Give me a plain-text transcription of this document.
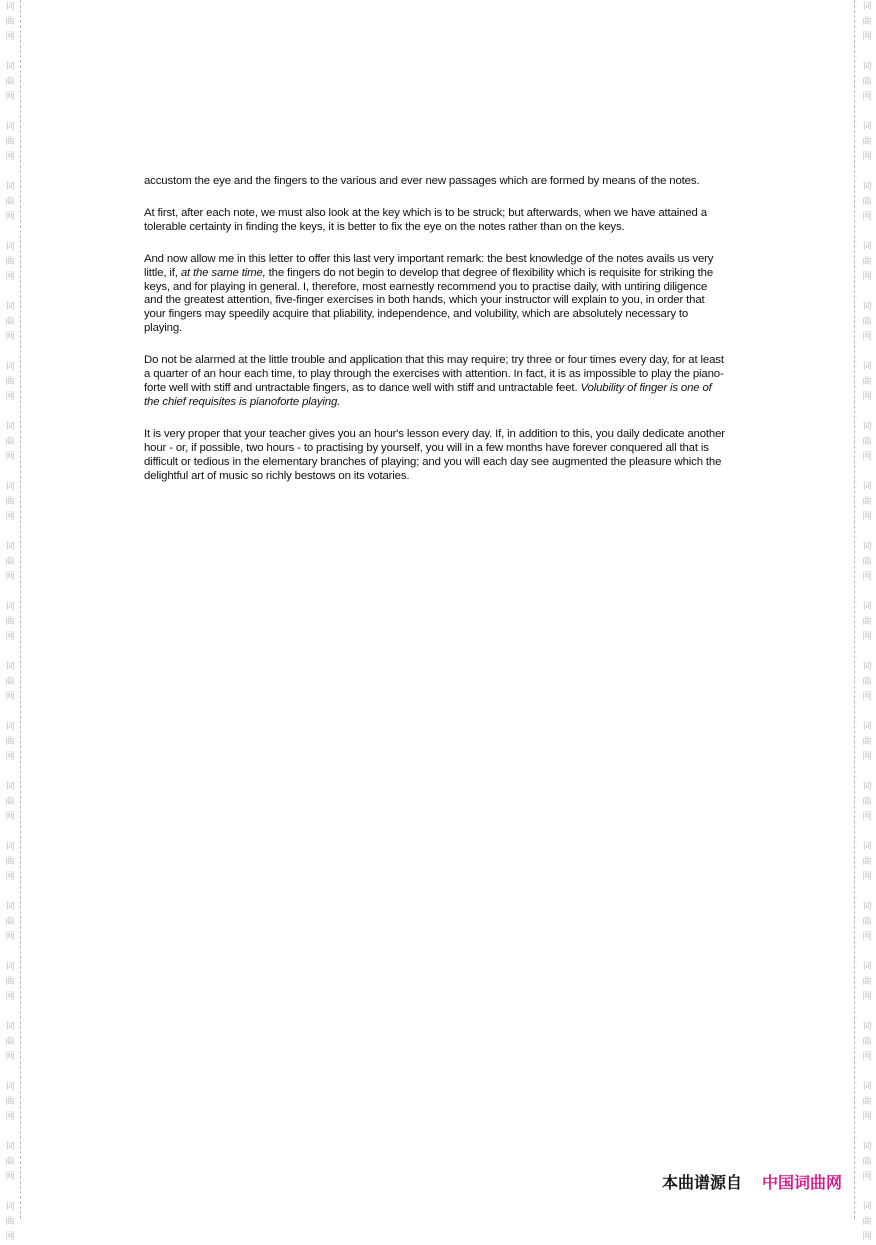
词
曲
网
词
曲
网
词
曲
网
词
曲
网
词
曲
网
词
曲
网
词
曲
网
词
曲
网
词
曲
网
词
曲
网
词
曲
网
词
曲
网
词
曲
网
词
曲
网
词
曲
网
词
曲
网
词
曲
网
词
曲
网
词
曲
网
词
曲
网
词
曲
网
词
曲
网
词
曲
网
词
曲
网
词
曲
网
词
曲
网
词
曲
网
词
曲
网
词
曲
网
词
曲
网
词
曲
网
词
曲
网
词
曲
网
词
曲
网
词
曲
网
词
曲
网
词
曲
网
词
曲
网
词
曲
网
词
曲
网
词
曲
网
词
曲
网

accustom the eye and the fingers to the various and ever new passages which are formed by means of the notes.

At first, after each note, we must also look at the key which is to be struck; but afterwards, when we have attained a tolerable certainty in finding the keys, it is better to fix the eye on the notes rather than on the keys.

And now allow me in this letter to offer this last very important remark: the best knowledge of the notes avails us very little, if, at the same time, the fingers do not begin to develop that degree of flexibility which is requisite for striking the keys, and for playing in general. I, therefore, most earnestly recommend you to practise daily, with untiring diligence and the greatest attention, five-finger exercises in both hands, which your instructor will explain to you, in order that your fingers may speedily acquire that pliability, independence, and volubility, which are absolutely necessary to playing.

Do not be alarmed at the little trouble and application that this may require; try three or four times every day, for at least a quarter of an hour each time, to play through the exercises with attention. In fact, it is as impossible to play the piano-forte well with stiff and untractable fingers, as to dance well with stiff and untractable feet. Volubility of finger is one of the chief requisites is pianoforte playing.

It is very proper that your teacher gives you an hour's lesson every day. If, in addition to this, you daily dedicate another hour - or, if possible, two hours - to practising by yourself, you will in a few months have forever conquered all that is difficult or tedious in the elementary branches of playing; and you will each day see augmented the pleasure which the delightful art of music so richly bestows on its votaries.

本曲谱源自 中国词曲网
